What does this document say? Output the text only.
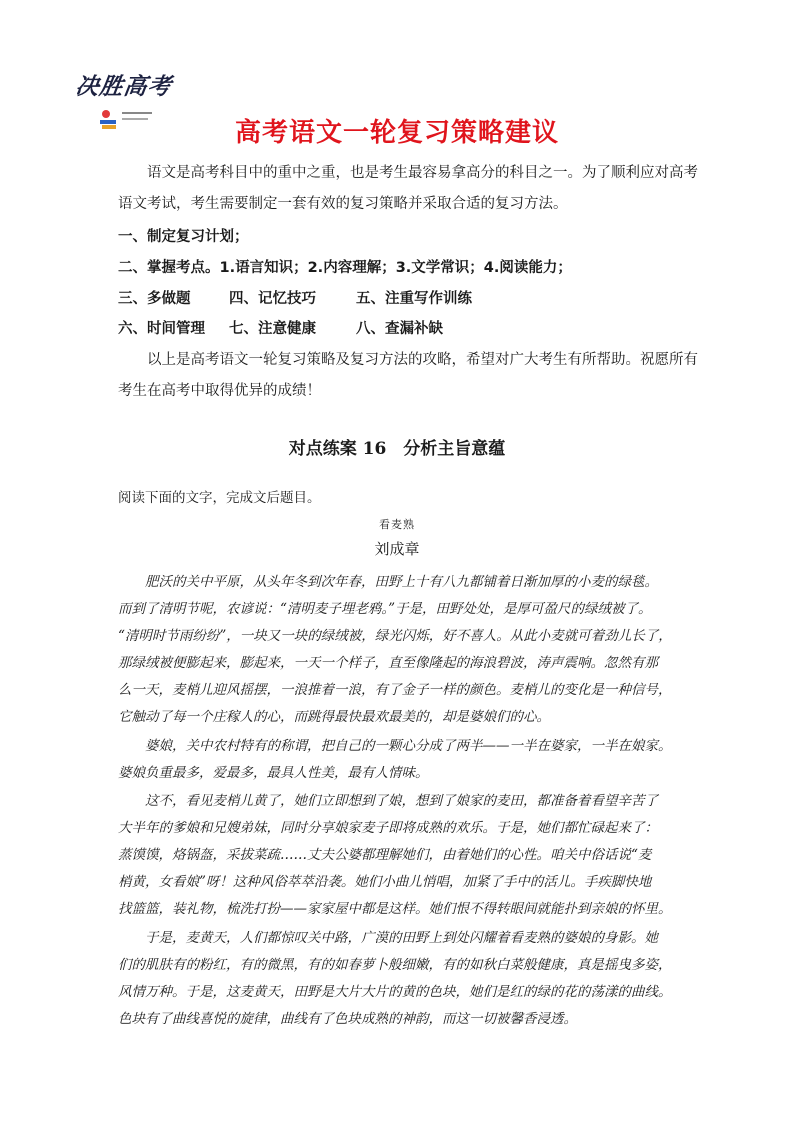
决胜高考
高考语文一轮复习策略建议
　　语文是高考科目中的重中之重，也是考生最容易拿高分的科目之一。为了顺利应对高考
语文考试，考生需要制定一套有效的复习策略并采取合适的复习方法。
一、制定复习计划；
二、掌握考点。1.语言知识；2.内容理解；3.文学常识；4.阅读能力；
三、多做题	四、记忆技巧	五、注重写作训练
六、时间管理 七、注意健康	八、查漏补缺
　　以上是高考语文一轮复习策略及复习方法的攻略，希望对广大考生有所帮助。祝愿所有
考生在高考中取得优异的成绩！
对点练案 16　分析主旨意蕴
阅读下面的文字，完成文后题目。
看麦熟
刘成章
　　肥沃的关中平原，从头年冬到次年春，田野上十有八九都铺着日渐加厚的小麦的绿毯。
而到了清明节呢，农谚说：“清明麦子埋老鸦。”于是，田野处处，是厚可盈尺的绿绒被了。
“清明时节雨纷纷”，一块又一块的绿绒被，绿光闪烁，好不喜人。从此小麦就可着劲儿长了，
那绿绒被便膨起来，膨起来，一天一个样子，直至像隆起的海浪碧波，涛声震响。忽然有那
么一天，麦梢儿迎风摇摆，一浪推着一浪，有了金子一样的颜色。麦梢儿的变化是一种信号，
它触动了每一个庄稼人的心，而跳得最快最欢最美的，却是婆娘们的心。
　　婆娘，关中农村特有的称谓，把自己的一颗心分成了两半——一半在婆家，一半在娘家。
婆娘负重最多，爱最多，最具人性美，最有人情味。
　　这不，看见麦梢儿黄了，她们立即想到了娘，想到了娘家的麦田，都准备着看望辛苦了
大半年的爹娘和兄嫂弟妹，同时分享娘家麦子即将成熟的欢乐。于是，她们都忙碌起来了：
蒸馍馍，烙锅盔，采拔菜疏……丈夫公婆都理解她们，由着她们的心性。咱关中俗话说“麦
梢黄，女看娘”呀！这种风俗萃萃沿袭。她们小曲儿悄唱，加紧了手中的活儿。手疾脚快地
找篮篮，装礼物，梳洗打扮——家家屋中都是这样。她们恨不得转眼间就能扑到亲娘的怀里。
　　于是，麦黄天，人们都惊叹关中路，广漠的田野上到处闪耀着看麦熟的婆娘的身影。她
们的肌肤有的粉红，有的微黑，有的如春萝卜般细嫩，有的如秋白菜般健康，真是摇曳多姿，
风情万种。于是，这麦黄天，田野是大片大片的黄的色块，她们是红的绿的花的荡漾的曲线。
色块有了曲线喜悦的旋律，曲线有了色块成熟的神韵，而这一切被馨香浸透。
